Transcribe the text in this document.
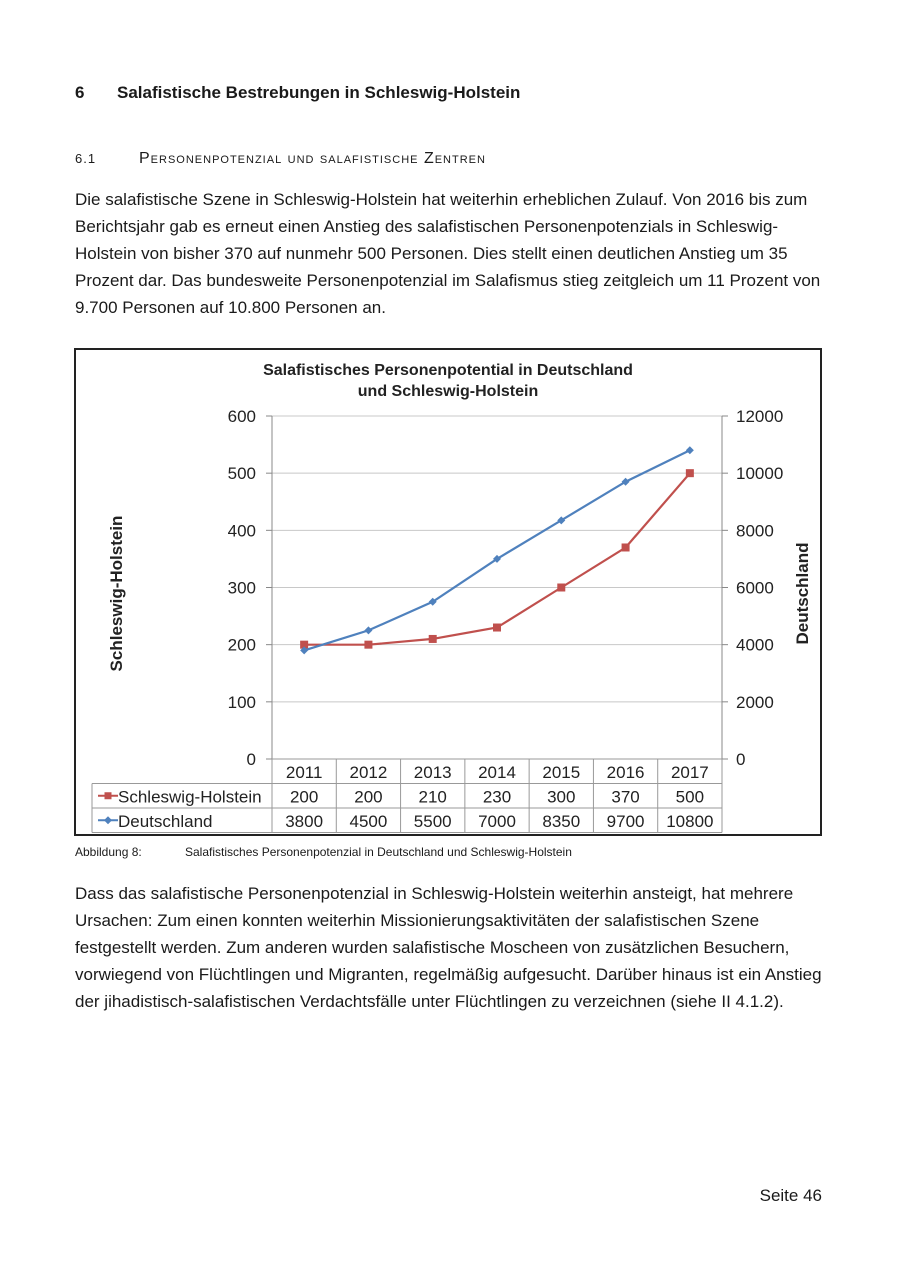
6 Salafistische Bestrebungen in Schleswig-Holstein
6.1	Personenpotenzial und salafistische Zentren

Die salafistische Szene in Schleswig-Holstein hat weiterhin erheblichen Zulauf. Von 2016 bis zum Berichtsjahr gab es erneut einen Anstieg des salafistischen Personenpotenzials in Schleswig-Holstein von bisher 370 auf nunmehr 500 Personen. Dies stellt einen deutlichen Anstieg um 35 Prozent dar. Das bundesweite Personenpotenzial im Salafismus stieg zeitgleich um 11 Prozent von 9.700 Personen auf 10.800 Personen an.

Salafistisches Personenpotential in Deutschland
und Schleswig-Holstein
0	0
100	2000
200	4000
300	6000
400	8000
500	10000
600	12000
Schleswig-Holstein	Deutschland
2011 2012 2013 2014 2015 2016 2017
Schleswig-Holstein 200 200 210 230 300 370 500
Deutschland	3800 4500 5500 7000 8350 9700 10800
Abbildung 8:	Salafistisches Personenpotenzial in Deutschland und Schleswig-Holstein

Dass das salafistische Personenpotenzial in Schleswig-Holstein weiterhin ansteigt, hat mehrere Ursachen: Zum einen konnten weiterhin Missionierungsaktivitäten der salafistischen Szene festgestellt werden. Zum anderen wurden salafistische Moscheen von zusätzlichen Besuchern, vorwiegend von Flüchtlingen und Migranten, regelmäßig aufgesucht. Darüber hinaus ist ein Anstieg der jihadistisch-salafistischen Verdachtsfälle unter Flüchtlingen zu verzeichnen (siehe II 4.1.2).

Seite 46
